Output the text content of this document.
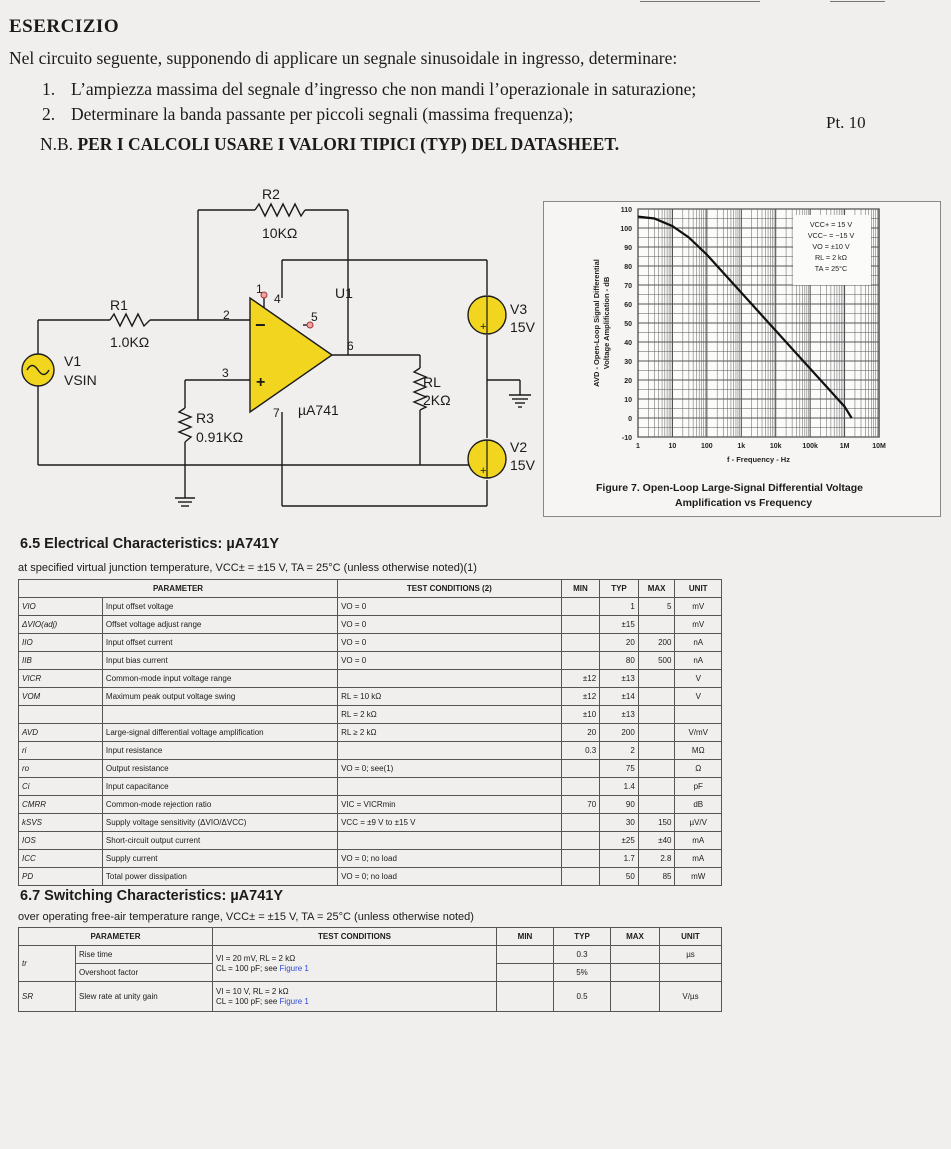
ESERCIZIO
Nel circuito seguente, supponendo di applicare un segnale sinusoidale in ingresso, determinare:
1. L’ampiezza massima del segnale d’ingresso che non mandi l’operazionale in saturazione;
2. Determinare la banda passante per piccoli segnali (massima frequenza);
N.B. PER I CALCOLI USARE I VALORI TIPICI (TYP) DEL DATASHEET.
Pt. 10
−
+
+
+
R2
10KΩ
R1
1.0KΩ
R3
0.91KΩ
RL
2KΩ
V1
VSIN
V3
15V
V2
15V
U1
µA741
1
2
3
4
5
6
7
110
100
90
80
70
60
50
40
30
20
10
0
-10
1	10	100	1k	10k	100k	1M	10M
VCC+ = 15 V
VCC− = −15 V
VO = ±10 V
RL = 2 kΩ
TA = 25°C
AVD - Open-Loop Signal Differential Voltage Amplification - dB
f - Frequency - Hz
Figure 7. Open-Loop Large-Signal Differential Voltage
Amplification vs Frequency
6.5 Electrical Characteristics: µA741Y
at specified virtual junction temperature, VCC± = ±15 V, TA = 25°C (unless otherwise noted)(1)
PARAMETER		TEST CONDITIONS (2)	MIN	TYP	MAX	UNIT
VIO	Input offset voltage	VO = 0		1	5	mV
ΔVIO(adj)	Offset voltage adjust range	VO = 0		±15		mV
IIO	Input offset current	VO = 0		20	200	nA
IIB	Input bias current	VO = 0		80	500	nA
VICR	Common-mode input voltage range		±12	±13		V
VOM	Maximum peak output voltage swing	RL = 10 kΩ	±12	±14		V
		RL = 2 kΩ	±10	±13		
AVD	Large-signal differential voltage amplification	RL ≥ 2 kΩ	20	200		V/mV
ri	Input resistance		0.3	2		MΩ
ro	Output resistance	VO = 0; see(1)		75		Ω
Ci	Input capacitance			1.4		pF
CMRR	Common-mode rejection ratio	VIC = VICRmin	70	90		dB
kSVS	Supply voltage sensitivity (ΔVIO/ΔVCC)	VCC = ±9 V to ±15 V		30	150	µV/V
IOS	Short-circuit output current			±25	±40	mA
ICC	Supply current	VO = 0; no load		1.7	2.8	mA
PD	Total power dissipation	VO = 0; no load		50	85	mW
6.7 Switching Characteristics: µA741Y
over operating free-air temperature range, VCC± = ±15 V, TA = 25°C (unless otherwise noted)
PARAMETER		TEST CONDITIONS	MIN	TYP	MAX	UNIT
tr	Rise time	VI = 20 mV, RL = 2 kΩ
CL = 100 pF; see Figure 1		0.3		µs
	Overshoot factor			5%		
SR	Slew rate at unity gain	VI = 10 V, RL = 2 kΩ
CL = 100 pF; see Figure 1		0.5		V/µs
